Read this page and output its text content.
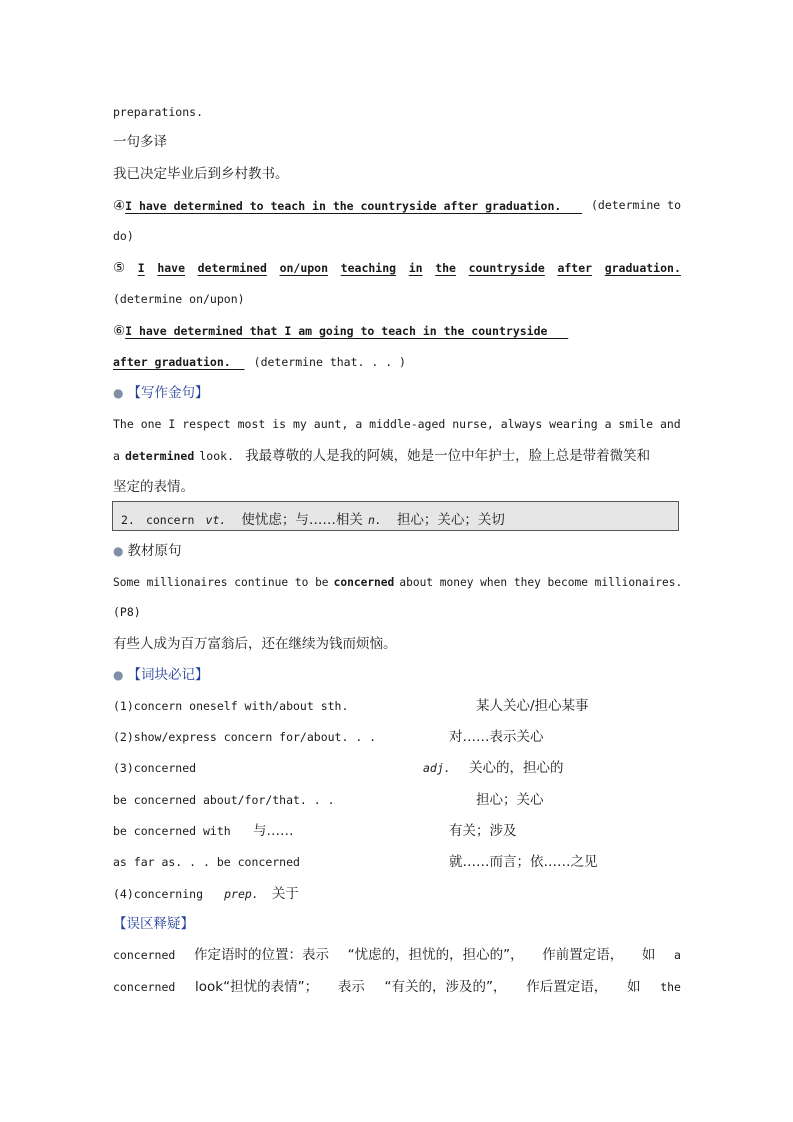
preparations.
一句多译
我已决定毕业后到乡村教书。
④I have determined to teach in the countryside after graduation.	(determine to
do)
⑤ I have determined on/upon teaching in the countryside after graduation.
(determine on/upon)
⑥I have determined that I am going to teach in the countryside
after graduation. (determine that. . . )
● 【写作金句】
The one I respect most is my aunt, a middle-aged nurse, always wearing a smile and
a determined look. 我最尊敬的人是我的阿姨，她是一位中年护士，脸上总是带着微笑和
坚定的表情。
2. concern vt. 使忧虑；与……相关 n. 担心；关心；关切
● 教材原句
Some millionaires continue to be concerned about money when they become millionaires.
(P8)
有些人成为百万富翁后，还在继续为钱而烦恼。
● 【词块必记】
(1)concern oneself with/about sth.	某人关心/担心某事
(2)show/express concern for/about. . .	对……表示关心
(3)concerned	adj. 关心的，担心的
be concerned about/for/that. . .	担心；关心
be concerned with 与……	有关；涉及
as far as. . . be concerned	就……而言；依……之见
(4)concerning prep. 关于
【误区释疑】
concerned 作定语时的位置：表示 “忧虑的，担忧的，担心的”， 作前置定语， 如 a
concerned look“担忧的表情”； 表示 “有关的，涉及的”， 作后置定语， 如 the
